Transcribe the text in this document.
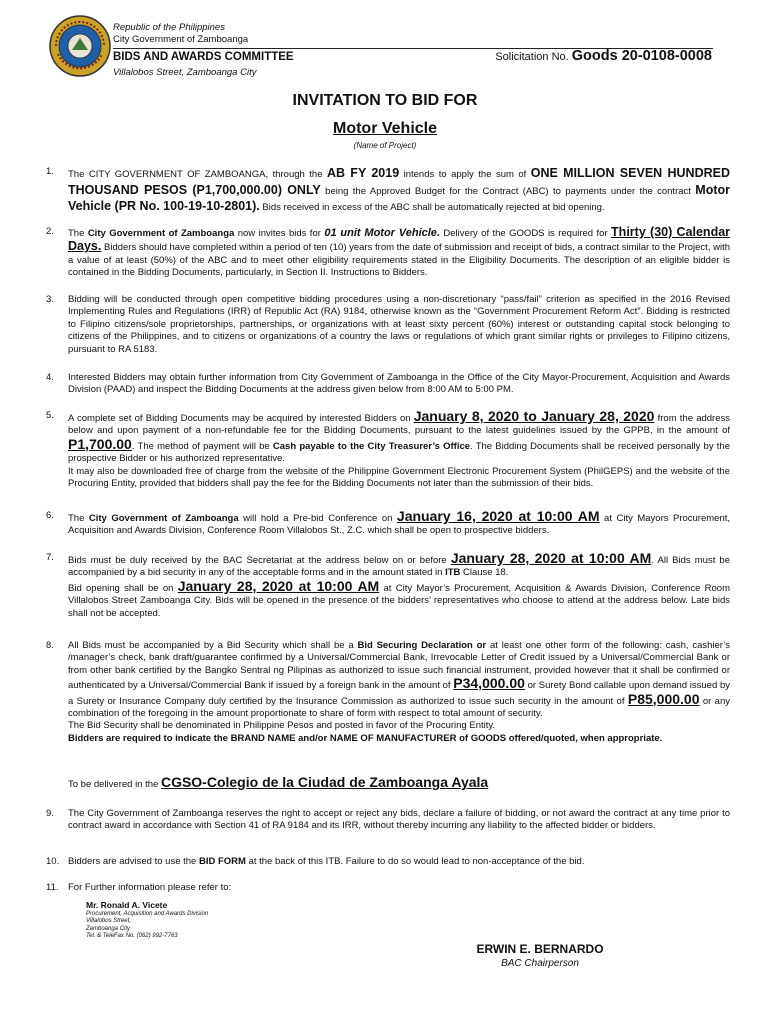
Republic of the Philippines
City Government of Zamboanga
BIDS AND AWARDS COMMITTEE
Villalobos Street, Zamboanga City
Solicitation No. Goods 20-0108-0008
INVITATION TO BID FOR
Motor Vehicle
(Name of Project)
1. The CITY GOVERNMENT OF ZAMBOANGA, through the AB FY 2019 intends to apply the sum of ONE MILLION SEVEN HUNDRED THOUSAND PESOS (P1,700,000.00) ONLY being the Approved Budget for the Contract (ABC) to payments under the contract Motor Vehicle (PR No. 100-19-10-2801). Bids received in excess of the ABC shall be automatically rejected at bid opening.
2. The City Government of Zamboanga now invites bids for 01 unit Motor Vehicle. Delivery of the GOODS is required for Thirty (30) Calendar Days. Bidders should have completed within a period of ten (10) years from the date of submission and receipt of bids, a contract similar to the Project, with a value of at least (50%) of the ABC and to meet other eligibility requirements stated in the Eligibility Documents. The description of an eligible bidder is contained in the Bidding Documents, particularly, in Section II. Instructions to Bidders.
3. Bidding will be conducted through open competitive bidding procedures using a non-discretionary “pass/fail” criterion as specified in the 2016 Revised Implementing Rules and Regulations (IRR) of Republic Act (RA) 9184, otherwise known as the “Government Procurement Reform Act”. Bidding is restricted to Filipino citizens/sole proprietorships, partnerships, or organizations with at least sixty percent (60%) interest or outstanding capital stock belonging to citizens of the Philippines, and to citizens or organizations of a country the laws or regulations of which grant similar rights or privileges to Filipino citizens, pursuant to RA 5183.
4. Interested Bidders may obtain further information from City Government of Zamboanga in the Office of the City Mayor-Procurement, Acquisition and Awards Division (PAAD) and inspect the Bidding Documents at the address given below from 8:00 AM to 5:00 PM.
5. A complete set of Bidding Documents may be acquired by interested Bidders on January 8, 2020 to January 28, 2020 from the address below and upon payment of a non-refundable fee for the Bidding Documents, pursuant to the latest guidelines issued by the GPPB, in the amount of P1,700.00. The method of payment will be Cash payable to the City Treasurer’s Office. The Bidding Documents shall be received personally by the prospective Bidder or his authorized representative.
It may also be downloaded free of charge from the website of the Philippine Government Electronic Procurement System (PhilGEPS) and the website of the Procuring Entity, provided that bidders shall pay the fee for the Bidding Documents not later than the submission of their bids.
6. The City Government of Zamboanga will hold a Pre-bid Conference on January 16, 2020 at 10:00 AM at City Mayors Procurement, Acquisition and Awards Division, Conference Room Villalobos St., Z.C. which shall be open to prospective bidders.
7. Bids must be duly received by the BAC Secretariat at the address below on or before January 28, 2020 at 10:00 AM. All Bids must be accompanied by a bid security in any of the acceptable forms and in the amount stated in ITB Clause 18.
Bid opening shall be on January 28, 2020 at 10:00 AM at City Mayor’s Procurement, Acquisition & Awards Division, Conference Room Villalobos Street Zamboanga City. Bids will be opened in the presence of the bidders’ representatives who choose to attend at the address below. Late bids shall not be accepted.
8. All Bids must be accompanied by a Bid Security which shall be a Bid Securing Declaration or at least one other form of the following: cash, cashier’s /manager’s check, bank draft/guarantee confirmed by a Universal/Commercial Bank, Irrevocable Letter of Credit issued by a Universal/Commercial Bank or from other bank certified by the Bangko Sentral ng Pilipinas as authorized to issue such financial instrument, provided however that it shall be confirmed or authenticated by a Universal/Commercial Bank if issued by a foreign bank in the amount of P34,000.00 or Surety Bond callable upon demand issued by a Surety or Insurance Company duly certified by the Insurance Commission as authorized to issue such security in the amount of P85,000.00 or any combination of the foregoing in the amount proportionate to share of form with respect to total amount of security.
The Bid Security shall be denominated in Philippine Pesos and posted in favor of the Procuring Entity.
Bidders are required to indicate the BRAND NAME and/or NAME OF MANUFACTURER of GOODS offered/quoted, when appropriate.
To be delivered in the CGSO-Colegio de la Ciudad de Zamboanga Ayala
9. The City Government of Zamboanga reserves the right to accept or reject any bids, declare a failure of bidding, or not award the contract at any time prior to contract award in accordance with Section 41 of RA 9184 and its IRR, without thereby incurring any liability to the affected bidder or bidders.
10. Bidders are advised to use the BID FORM at the back of this ITB. Failure to do so would lead to non-acceptance of the bid.
11. For Further information please refer to:
Mr. Ronald A. Vicete
Procurement, Acquisition and Awards Division
Villalobos Street,
Zamboanga City
Tel. & TeleFax No. (062) 992-7763
ERWIN E. BERNARDO
BAC Chairperson
